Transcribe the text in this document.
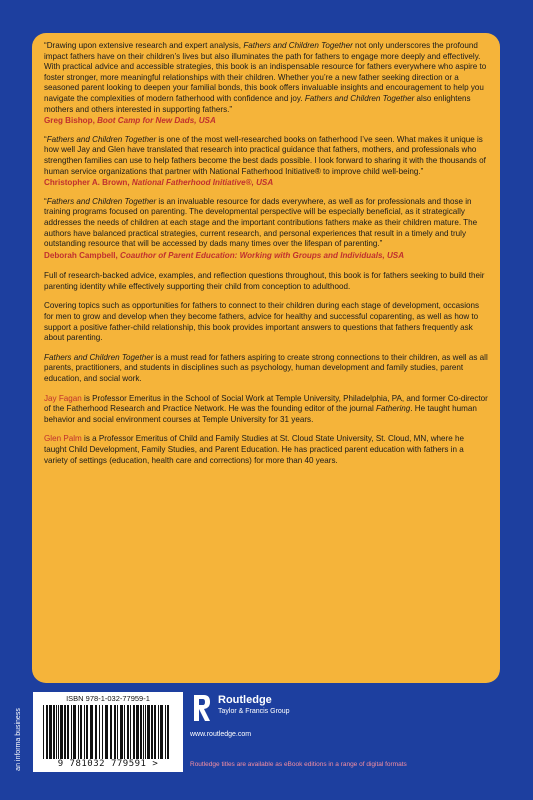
“Drawing upon extensive research and expert analysis, Fathers and Children Together not only underscores the profound impact fathers have on their children’s lives but also illuminates the path for fathers to engage more deeply and effectively. With practical advice and accessible strategies, this book is an indispensable resource for fathers everywhere who aspire to foster stronger, more meaningful relationships with their children. Whether you’re a new father seeking direction or a seasoned parent looking to deepen your familial bonds, this book offers invaluable insights and encouragement to help you navigate the complexities of modern fatherhood with confidence and joy. Fathers and Children Together also enlightens mothers and others interested in supporting fathers.”
Greg Bishop, Boot Camp for New Dads, USA
“Fathers and Children Together is one of the most well-researched books on fatherhood I’ve seen. What makes it unique is how well Jay and Glen have translated that research into practical guidance that fathers, mothers, and professionals who strengthen families can use to help fathers become the best dads possible. I look forward to sharing it with the thousands of human service organizations that partner with National Fatherhood Initiative® to improve child well-being.”
Christopher A. Brown, National Fatherhood Initiative®, USA
“Fathers and Children Together is an invaluable resource for dads everywhere, as well as for professionals and those in training programs focused on parenting. The developmental perspective will be especially beneficial, as it strategically addresses the needs of children at each stage and the important contributions fathers make as their children mature. The authors have balanced practical strategies, current research, and personal experiences that result in a timely and truly outstanding resource that will be accessed by dads many times over the lifespan of parenting.”
Deborah Campbell, Coauthor of Parent Education: Working with Groups and Individuals, USA
Full of research-backed advice, examples, and reflection questions throughout, this book is for fathers seeking to build their parenting identity while effectively supporting their child from conception to adulthood.
Covering topics such as opportunities for fathers to connect to their children during each stage of development, occasions for men to grow and develop when they become fathers, advice for healthy and successful coparenting, as well as how to support a positive father-child relationship, this book provides important answers to questions that fathers frequently ask about parenting.
Fathers and Children Together is a must read for fathers aspiring to create strong connections to their children, as well as all parents, practitioners, and students in disciplines such as psychology, human development and family studies, parent education, and social work.
Jay Fagan is Professor Emeritus in the School of Social Work at Temple University, Philadelphia, PA, and former Co-director of the Fatherhood Research and Practice Network. He was the founding editor of the journal Fathering. He taught human behavior and social environment courses at Temple University for 31 years.
Glen Palm is a Professor Emeritus of Child and Family Studies at St. Cloud State University, St. Cloud, MN, where he taught Child Development, Family Studies, and Parent Education. He has practiced parent education with fathers in a variety of settings (education, health care and corrections) for more than 40 years.
an informa business
ISBN 978-1-032-77959-1
9 781032 779591 >
Routledge
Taylor & Francis Group
www.routledge.com
Routledge titles are available as eBook editions in a range of digital formats
